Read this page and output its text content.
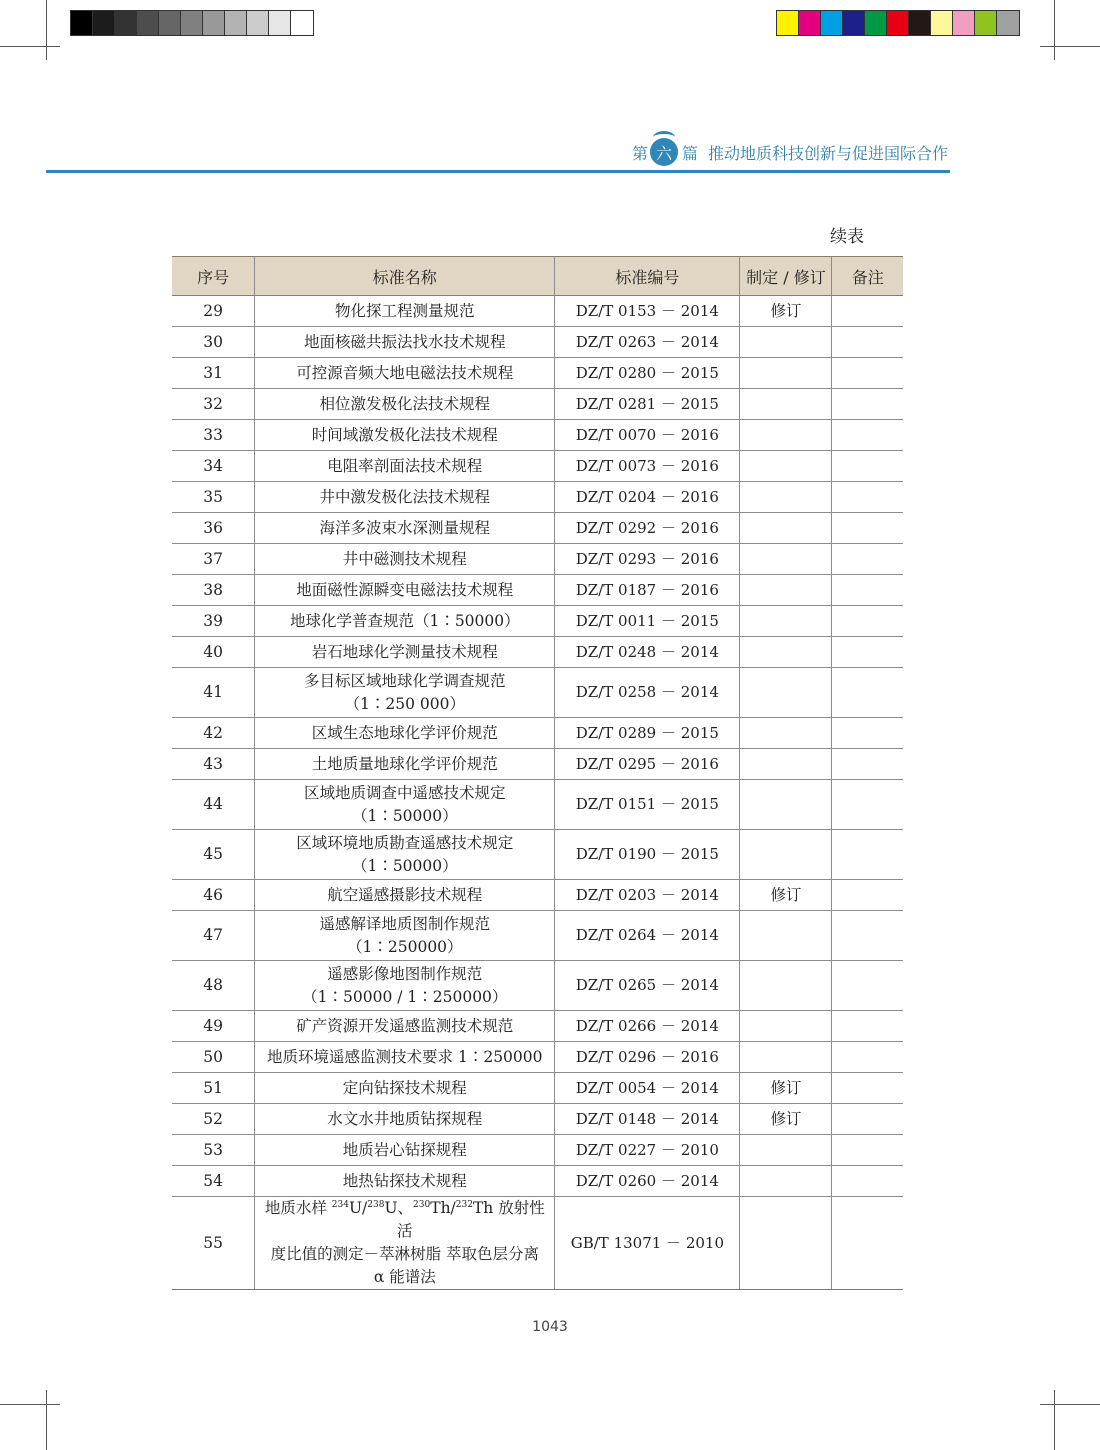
第 六 篇 推动地质科技创新与促进国际合作
续表
序号	标准名称	标准编号	制定 / 修订	备注
29	物化探工程测量规范	DZ/T 0153 － 2014	修订	
30	地面核磁共振法找水技术规程	DZ/T 0263 － 2014		
31	可控源音频大地电磁法技术规程	DZ/T 0280 － 2015		
32	相位激发极化法技术规程	DZ/T 0281 － 2015		
33	时间域激发极化法技术规程	DZ/T 0070 － 2016		
34	电阻率剖面法技术规程	DZ/T 0073 － 2016		
35	井中激发极化法技术规程	DZ/T 0204 － 2016		
36	海洋多波束水深测量规程	DZ/T 0292 － 2016		
37	井中磁测技术规程	DZ/T 0293 － 2016		
38	地面磁性源瞬变电磁法技术规程	DZ/T 0187 － 2016		
39	地球化学普查规范（1∶50000）	DZ/T 0011 － 2015		
40	岩石地球化学测量技术规程	DZ/T 0248 － 2014		
41	多目标区域地球化学调查规范
（1∶250 000）	DZ/T 0258 － 2014		
42	区域生态地球化学评价规范	DZ/T 0289 － 2015		
43	土地质量地球化学评价规范	DZ/T 0295 － 2016		
44	区域地质调查中遥感技术规定
（1∶50000）	DZ/T 0151 － 2015		
45	区域环境地质勘查遥感技术规定
（1∶50000）	DZ/T 0190 － 2015		
46	航空遥感摄影技术规程	DZ/T 0203 － 2014	修订	
47	遥感解译地质图制作规范
（1∶250000）	DZ/T 0264 － 2014		
48	遥感影像地图制作规范
（1∶50000 / 1∶250000）	DZ/T 0265 － 2014		
49	矿产资源开发遥感监测技术规范	DZ/T 0266 － 2014		
50	地质环境遥感监测技术要求 1∶250000	DZ/T 0296 － 2016		
51	定向钻探技术规程	DZ/T 0054 － 2014	修订	
52	水文水井地质钻探规程	DZ/T 0148 － 2014	修订	
53	地质岩心钻探规程	DZ/T 0227 － 2010		
54	地热钻探技术规程	DZ/T 0260 － 2014		
55	地质水样 $^{234}$U/$^{238}$U、$^{230}$Th/$^{232}$Th 放射性活
度比值的测定－萃淋树脂 萃取色层分离
α 能谱法	GB/T 13071 － 2010		
1043
